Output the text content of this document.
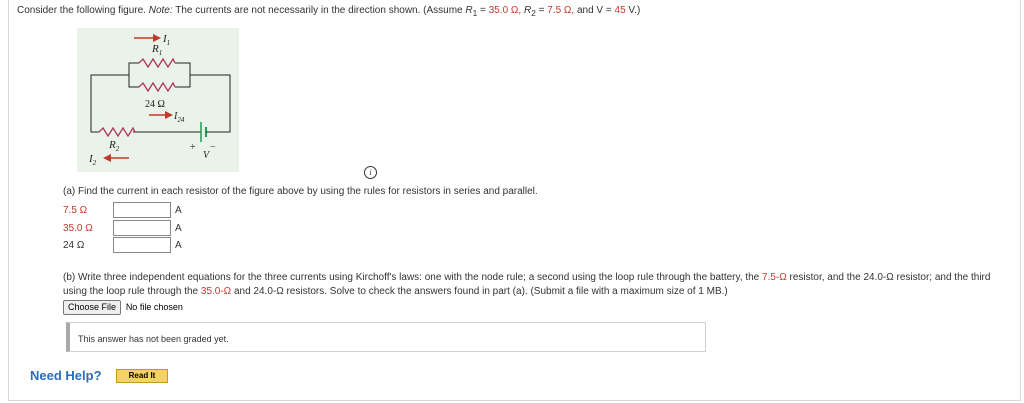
Consider the following figure. Note: The currents are not necessarily in the direction shown. (Assume $R_1 = 35.0$ Ω, $R_2 = 7.5$ Ω, and V = 45 V.)
$I_1$
$R_1$
24 Ω
$I_{24}$
$R_2$
$I_2$
+ −
V
i
(a) Find the current in each resistor of the figure above by using the rules for resistors in series and parallel.
7.5 Ω	A
35.0 Ω	A
24 Ω	A
(b) Write three independent equations for the three currents using Kirchoff's laws: one with the node rule; a second using the loop rule through the battery, the 7.5-Ω resistor, and the 24.0-Ω resistor; and the third using the loop rule through the 35.0-Ω and 24.0-Ω resistors. Solve to check the answers found in part (a). (Submit a file with a maximum size of 1 MB.)
Choose File No file chosen
This answer has not been graded yet.
Need Help?	Read It
